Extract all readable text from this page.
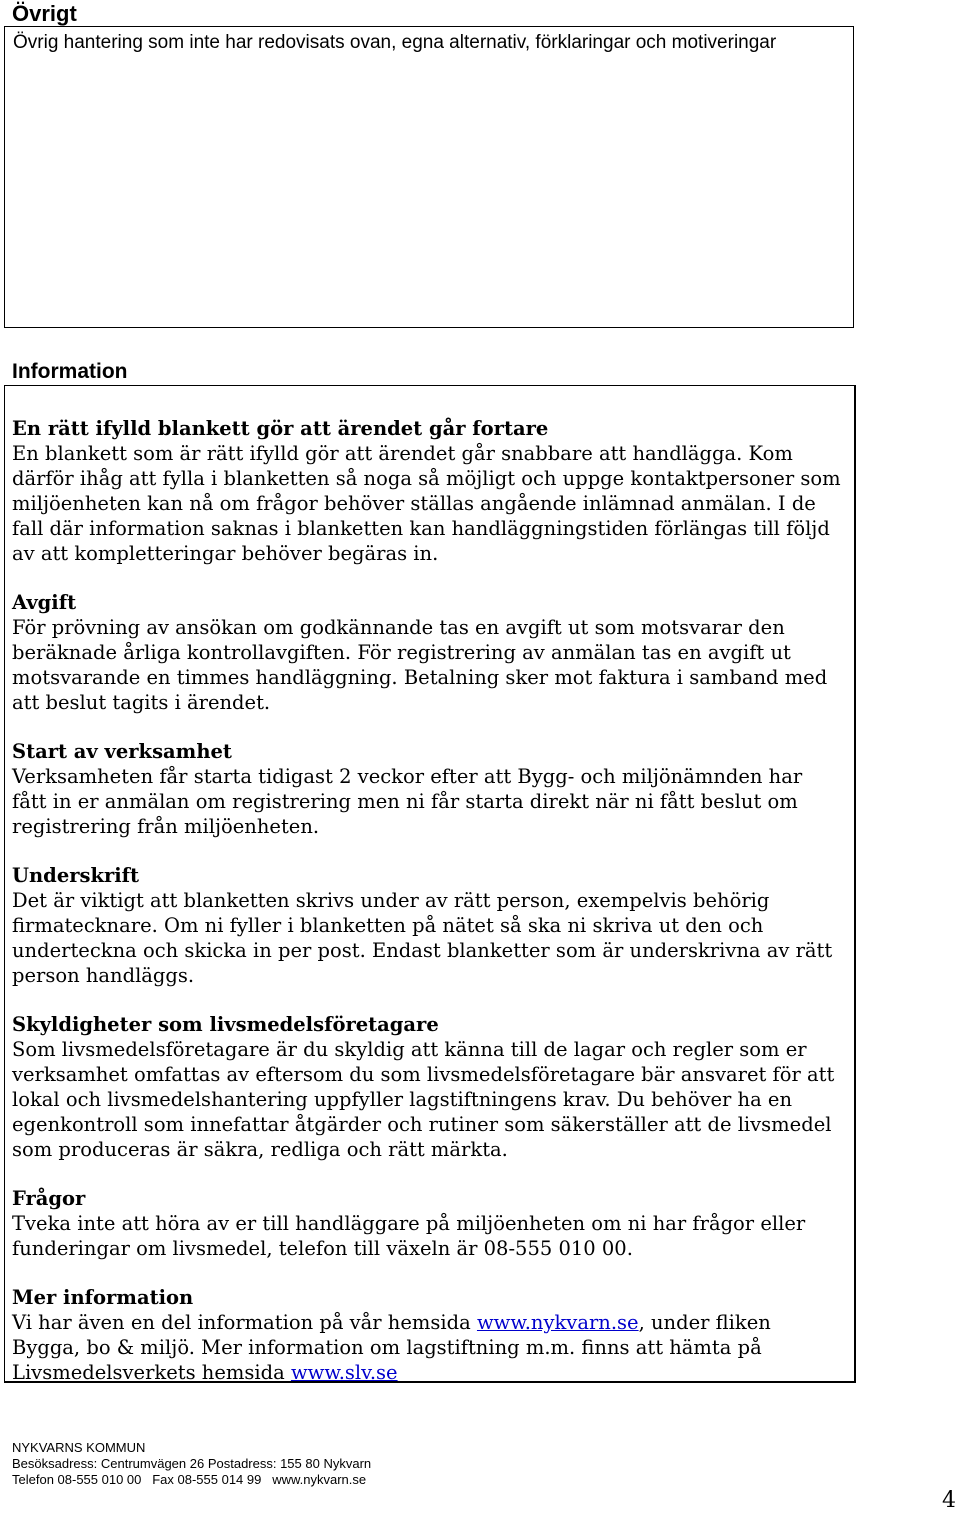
Övrigt
Övrig hantering som inte har redovisats ovan, egna alternativ, förklaringar och motiveringar
Information
En rätt ifylld blankett gör att ärendet går fortare
En blankett som är rätt ifylld gör att ärendet går snabbare att handlägga. Kom därför ihåg att fylla i blanketten så noga så möjligt och uppge kontaktpersoner som miljöenheten kan nå om frågor behöver ställas angående inlämnad anmälan. I de fall där information saknas i blanketten kan handläggningstiden förlängas till följd av att kompletteringar behöver begäras in.
Avgift
För prövning av ansökan om godkännande tas en avgift ut som motsvarar den beräknade årliga kontrollavgiften. För registrering av anmälan tas en avgift ut motsvarande en timmes handläggning. Betalning sker mot faktura i samband med att beslut tagits i ärendet.
Start av verksamhet
Verksamheten får starta tidigast 2 veckor efter att Bygg- och miljönämnden har fått in er anmälan om registrering men ni får starta direkt när ni fått beslut om registrering från miljöenheten.
Underskrift
Det är viktigt att blanketten skrivs under av rätt person, exempelvis behörig firmatecknare. Om ni fyller i blanketten på nätet så ska ni skriva ut den och underteckna och skicka in per post. Endast blanketter som är underskrivna av rätt person handläggs.
Skyldigheter som livsmedelsföretagare
Som livsmedelsföretagare är du skyldig att känna till de lagar och regler som er verksamhet omfattas av eftersom du som livsmedelsföretagare bär ansvaret för att lokal och livsmedelshantering uppfyller lagstiftningens krav. Du behöver ha en egenkontroll som innefattar åtgärder och rutiner som säkerställer att de livsmedel som produceras är säkra, redliga och rätt märkta.
Frågor
Tveka inte att höra av er till handläggare på miljöenheten om ni har frågor eller funderingar om livsmedel, telefon till växeln är 08-555 010 00.
Mer information
Vi har även en del information på vår hemsida www.nykvarn.se, under fliken Bygga, bo & miljö. Mer information om lagstiftning m.m. finns att hämta på Livsmedelsverkets hemsida www.slv.se
NYKVARNS KOMMUN
Besöksadress: Centrumvägen 26 Postadress: 155 80 Nykvarn
Telefon 08-555 010 00   Fax 08-555 014 99   www.nykvarn.se
4
